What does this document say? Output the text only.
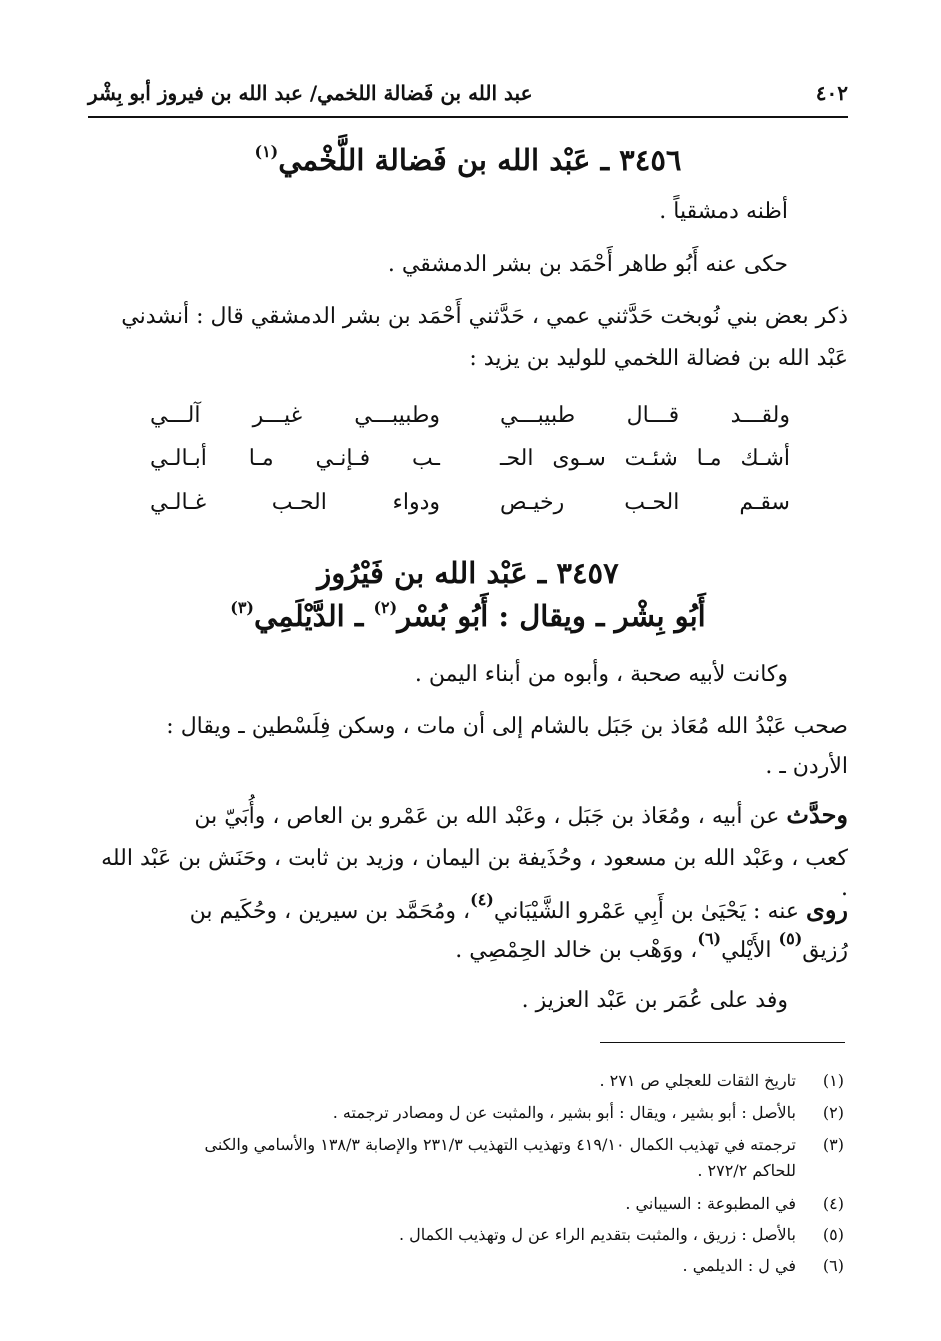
٤٠٢
عبد الله بن فَضالة اللخمي/ عبد الله بن فيروز أبو بِشْر
٣٤٥٦ ـ عَبْد الله بن فَضالة اللَّخْمي$^{(١)}$
أظنه دمشقياً .
حكى عنه أَبُو طاهر أَحْمَد بن بشر الدمشقي .
ذكر بعض بني نُوبخت حَدَّثني عمي ، حَدَّثني أَحْمَد بن بشر الدمشقي قال : أنشدني
عَبْد الله بن فضالة اللخمي للوليد بن يزيد :
ولقـــد قـــال طبيبـــي
وطبيبـــي غيـــر آلـــي
أشـك مـا شئـت سـوى الحـ
ـب فـإنـي مـا أبـالـي
سقـم الحـب رخيـص
ودواء الحـب غـالـي
٣٤٥٧ ـ عَبْد الله بن فَيْرُوز
أَبُو بِشْر ـ ويقال : أَبُو بُسْر$^{(٢)}$ ـ الدَّيْلَمِي$^{(٣)}$
وكانت لأبيه صحبة ، وأبوه من أبناء اليمن .
صحب عَبْدُ الله مُعَاذ بن جَبَل بالشام إلى أن مات ، وسكن فِلَسْطين ـ ويقال :
الأردن ـ .
وحدَّث عن أبيه ، ومُعَاذ بن جَبَل ، وعَبْد الله بن عَمْرو بن العاص ، وأُبَيّ بن
كعب ، وعَبْد الله بن مسعود ، وحُذَيفة بن اليمان ، وزيد بن ثابت ، وحَنَش بن عَبْد الله .
روى عنه : يَحْيَىٰ بن أَبِي عَمْرو الشَّيْبَاني$^{(٤)}$، ومُحَمَّد بن سيرين ، وحُكَيم بن
رُزيق$^{(٥)}$ الأَيْلي$^{(٦)}$، ووَهْب بن خالد الحِمْصِي .
وفد على عُمَر بن عَبْد العزيز .
(١)
تاريخ الثقات للعجلي ص ٢٧١ .
(٢)
بالأصل : أبو بشير ، ويقال : أبو بشير ، والمثبت عن ل ومصادر ترجمته .
(٣)
ترجمته في تهذيب الكمال ٤١٩/١٠ وتهذيب التهذيب ٢٣١/٣ والإصابة ١٣٨/٣ والأسامي والكنى
للحاكم ٢٧٢/٢ .
(٤)
في المطبوعة : السيباني .
(٥)
بالأصل : زريق ، والمثبت بتقديم الراء عن ل وتهذيب الكمال .
(٦)
في ل : الديلمي .
